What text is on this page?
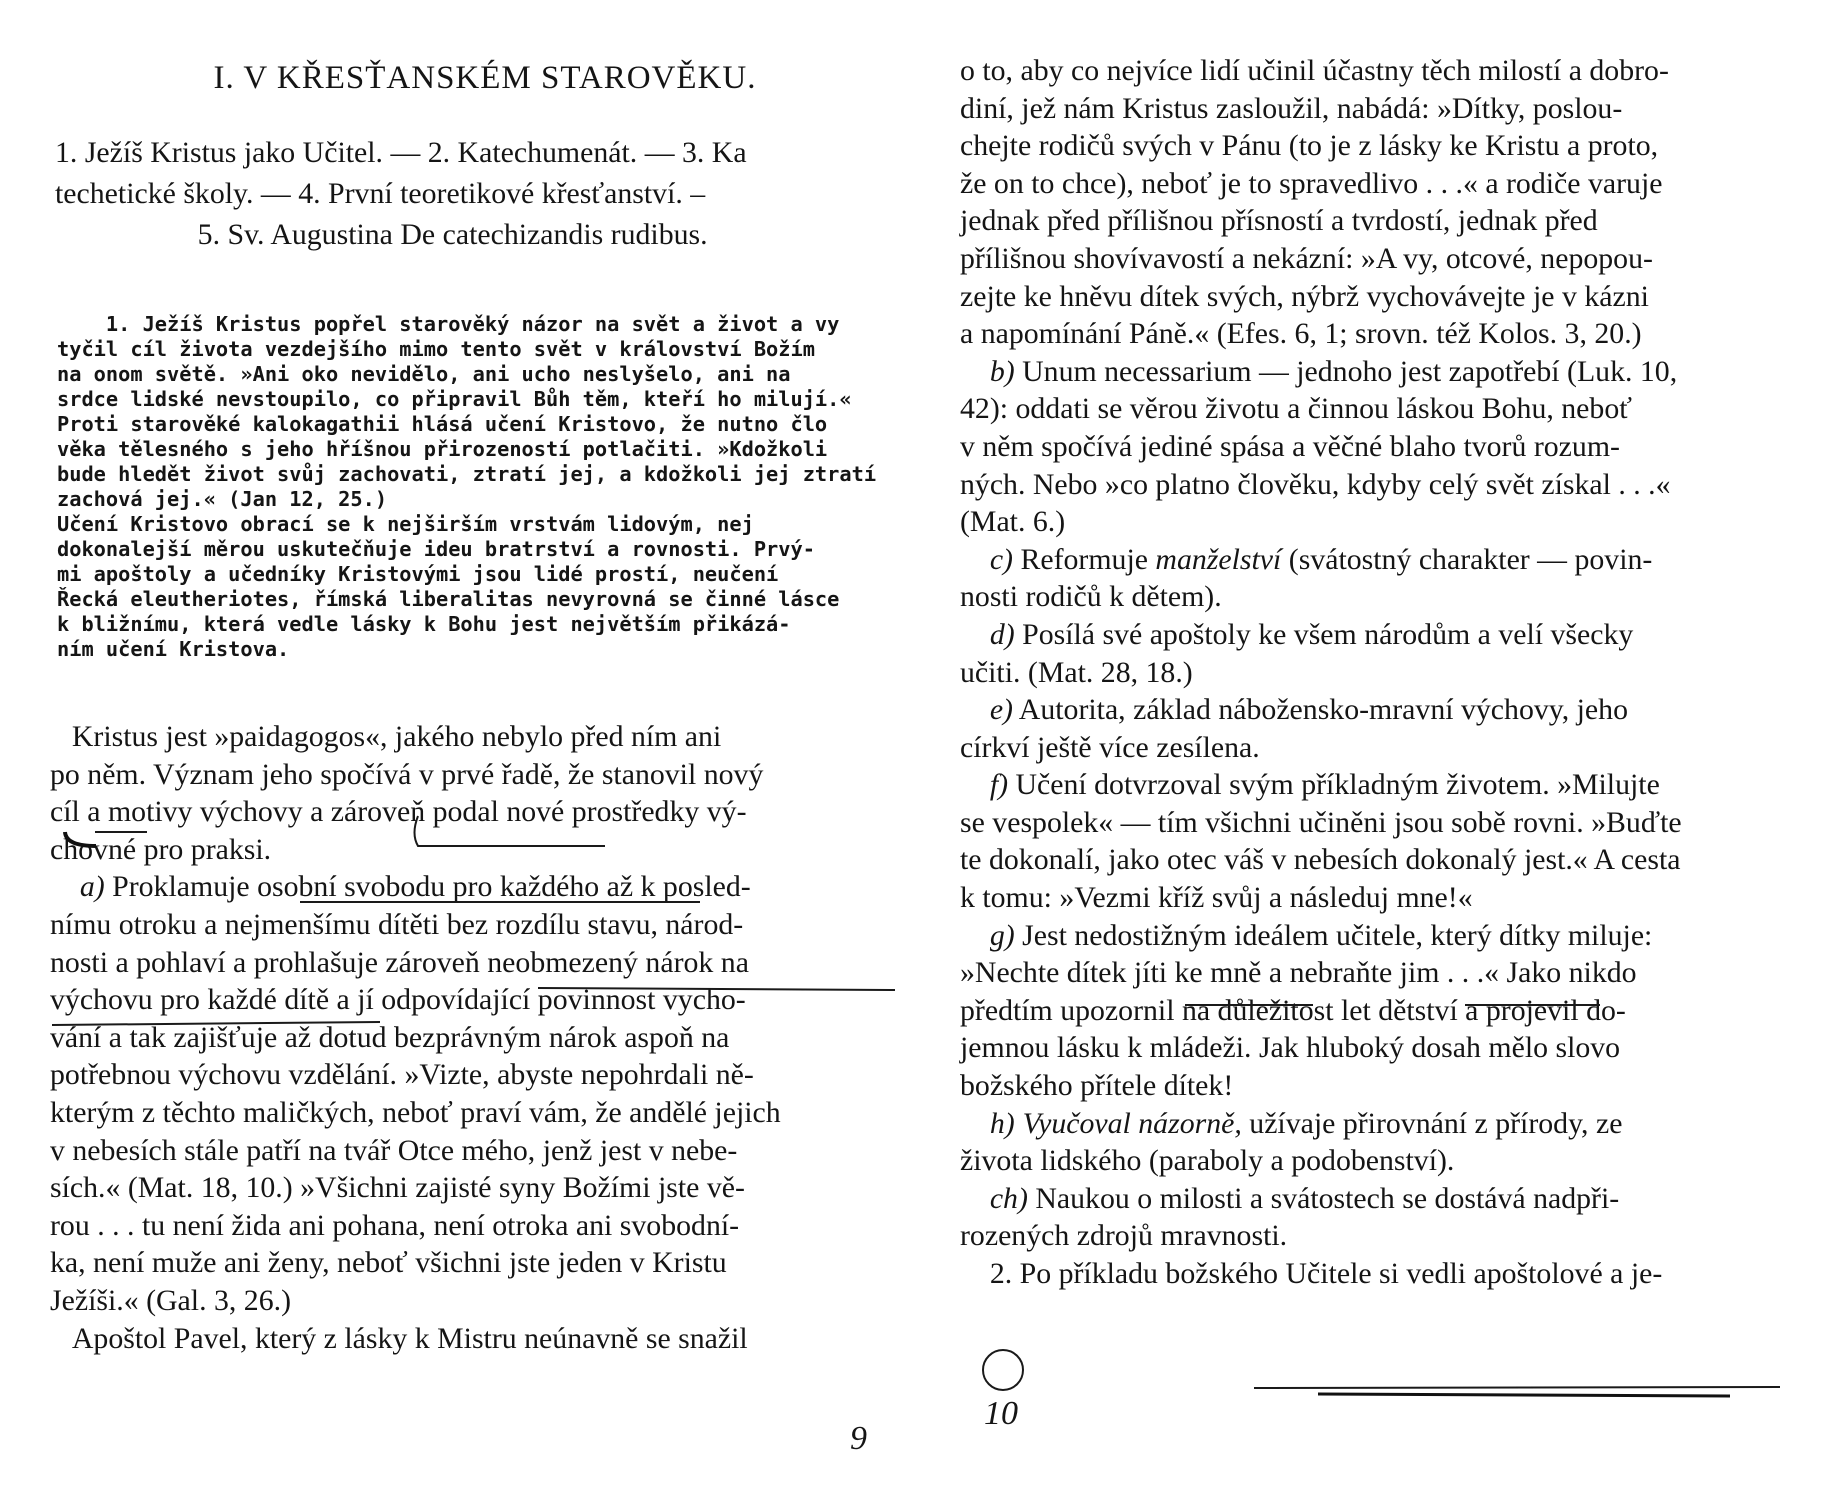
I. V KŘESŤANSKÉM STAROVĚKU.
1. Ježíš Kristus jako Učitel. — 2. Katechumenát. — 3. Ka
techetické školy. — 4. První teoretikové křesťanství. –
5. Sv. Augustina De catechizandis rudibus.
1. Ježíš Kristus popřel starověký názor na svět a život a vy
tyčil cíl života vezdejšího mimo tento svět v království Božím
na onom světě. »Ani oko nevidělo, ani ucho neslyšelo, ani na
srdce lidské nevstoupilo, co připravil Bůh těm, kteří ho milují.«
Proti starověké kalokagathii hlásá učení Kristovo, že nutno člo
věka tělesného s jeho hříšnou přirozeností potlačiti. »Kdožkoli
bude hledět život svůj zachovati, ztratí jej, a kdožkoli jej ztratí
zachová jej.« (Jan 12, 25.)
Učení Kristovo obrací se k nejširším vrstvám lidovým, nej
dokonalejší měrou uskutečňuje ideu bratrství a rovnosti. Prvý-
mi apoštoly a učedníky Kristovými jsou lidé prostí, neučení
Řecká eleutheriotes, římská liberalitas nevyrovná se činné lásce
k bližnímu, která vedle lásky k Bohu jest největším přikázá-
ním učení Kristova.
Kristus jest »paidagogos«, jakého nebylo před ním ani
po něm. Význam jeho spočívá v prvé řadě, že stanovil nový
cíl a motivy výchovy a zároveň podal nové prostředky vý-
chovné pro praksi.
a) Proklamuje osobní svobodu pro každého až k posled-
nímu otroku a nejmenšímu dítěti bez rozdílu stavu, národ-
nosti a pohlaví a prohlašuje zároveň neobmezený nárok na
výchovu pro každé dítě a jí odpovídající povinnost vycho-
vání a tak zajišťuje až dotud bezprávným nárok aspoň na
potřebnou výchovu vzdělání. »Vizte, abyste nepohrdali ně-
kterým z těchto maličkých, neboť praví vám, že andělé jejich
v nebesích stále patří na tvář Otce mého, jenž jest v nebe-
sích.« (Mat. 18, 10.) »Všichni zajisté syny Božími jste vě-
rou . . . tu není žida ani pohana, není otroka ani svobodní-
ka, není muže ani ženy, neboť všichni jste jeden v Kristu
Ježíši.« (Gal. 3, 26.)
Apoštol Pavel, který z lásky k Mistru neúnavně se snažil
9
o to, aby co nejvíce lidí učinil účastny těch milostí a dobro-
diní, jež nám Kristus zasloužil, nabádá: »Dítky, poslou-
chejte rodičů svých v Pánu (to je z lásky ke Kristu a proto,
že on to chce), neboť je to spravedlivo . . .« a rodiče varuje
jednak před přílišnou přísností a tvrdostí, jednak před
přílišnou shovívavostí a nekázní: »A vy, otcové, nepopou-
zejte ke hněvu dítek svých, nýbrž vychovávejte je v kázni
a napomínání Páně.« (Efes. 6, 1; srovn. též Kolos. 3, 20.)
b) Unum necessarium — jednoho jest zapotřebí (Luk. 10,
42): oddati se věrou životu a činnou láskou Bohu, neboť
v něm spočívá jediné spása a věčné blaho tvorů rozum-
ných. Nebo »co platno člověku, kdyby celý svět získal . . .«
(Mat. 6.)
c) Reformuje manželství (svátostný charakter — povin-
nosti rodičů k dětem).
d) Posílá své apoštoly ke všem národům a velí všecky
učiti. (Mat. 28, 18.)
e) Autorita, základ nábožensko-mravní výchovy, jeho
církví ještě více zesílena.
f) Učení dotvrzoval svým příkladným životem. »Milujte
se vespolek« — tím všichni učiněni jsou sobě rovni. »Buďte
te dokonalí, jako otec váš v nebesích dokonalý jest.« A cesta
k tomu: »Vezmi kříž svůj a následuj mne!«
g) Jest nedostižným ideálem učitele, který dítky miluje:
»Nechte dítek jíti ke mně a nebraňte jim . . .« Jako nikdo
předtím upozornil na důležitost let dětství a projevil do-
jemnou lásku k mládeži. Jak hluboký dosah mělo slovo
božského přítele dítek!
h) Vyučoval názorně, užívaje přirovnání z přírody, ze
života lidského (paraboly a podobenství).
ch) Naukou o milosti a svátostech se dostává nadpři-
rozených zdrojů mravnosti.
2. Po příkladu božského Učitele si vedli apoštolové a je-
10
